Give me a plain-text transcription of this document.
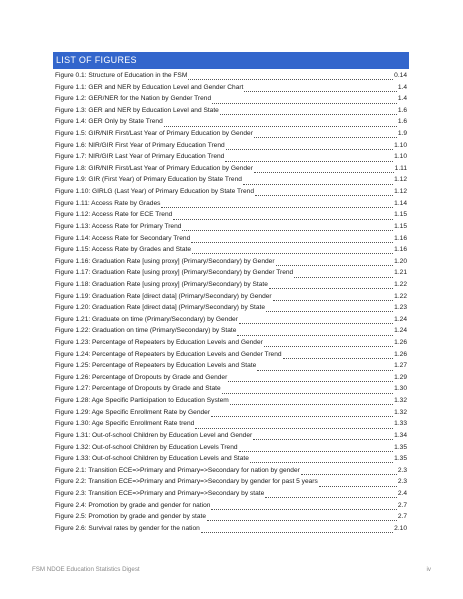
LIST OF FIGURES
Figure 0.1: Structure of Education in the FSM	0.14
Figure 1.1: GER and NER by Education Level and Gender Chart	1.4
Figure 1.2: GER/NER for the Nation by Gender Trend	1.4
Figure 1.3: GER and NER by Education Level and State	1.6
Figure 1.4: GER Only by State Trend	1.6
Figure 1.5: GIR/NIR First/Last Year of Primary Education by Gender	1.9
Figure 1.6: NIR/GIR First Year of Primary Education Trend	1.10
Figure 1.7: NIR/GIR Last Year of Primary Education Trend	1.10
Figure 1.8: GIR/NIR First/Last Year of Primary Education by Gender	1.11
Figure 1.9: GIR (First Year) of Primary Education by State Trend	1.12
Figure 1.10: GIRLG (Last Year) of Primary Education by State Trend	1.12
Figure 1.11: Access Rate by Grades	1.14
Figure 1.12: Access Rate for ECE Trend	1.15
Figure 1.13: Access Rate for Primary Trend	1.15
Figure 1.14: Access Rate for Secondary Trend	1.16
Figure 1.15: Access Rate by Grades and State	1.16
Figure 1.16: Graduation Rate [using proxy] (Primary/Secondary) by Gender	1.20
Figure 1.17: Graduation Rate [using proxy] (Primary/Secondary) by Gender Trend	1.21
Figure 1.18: Graduation Rate [using proxy] (Primary/Secondary) by State	1.22
Figure 1.19: Graduation Rate [direct data] (Primary/Secondary) by Gender	1.22
Figure 1.20: Graduation Rate [direct data] (Primary/Secondary) by State	1.23
Figure 1.21: Graduate on time (Primary/Secondary) by Gender	1.24
Figure 1.22: Graduation on time (Primary/Secondary) by State	1.24
Figure 1.23: Percentage of Repeaters by Education Levels and Gender	1.26
Figure 1.24: Percentage of Repeaters by Education Levels and Gender Trend	1.26
Figure 1.25: Percentage of Repeaters by Education Levels and State	1.27
Figure 1.26: Percentage of Dropouts by Grade and Gender	1.29
Figure 1.27: Percentage of Dropouts by Grade and State	1.30
Figure 1.28: Age Specific Participation to Education System	1.32
Figure 1.29: Age Specific Enrollment Rate by Gender	1.32
Figure 1.30: Age Specific Enrollment Rate trend	1.33
Figure 1.31: Out-of-school Children by Education Level and Gender	1.34
Figure 1.32: Out-of-school Children by Education Levels Trend	1.35
Figure 1.33: Out-of-school Children by Education Levels and State	1.35
Figure 2.1: Transition ECE=>Primary and Primary=>Secondary for nation by gender	2.3
Figure 2.2: Transition ECE=>Primary and Primary=>Secondary by gender for past 5 years	2.3
Figure 2.3: Transition ECE=>Primary and Primary=>Secondary by state	2.4
Figure 2.4: Promotion by grade and gender for nation	2.7
Figure 2.5: Promotion by grade and gender by state	2.7
Figure 2.6: Survival rates by gender for the nation	2.10
FSM NDOE Education Statistics Digest	iv
